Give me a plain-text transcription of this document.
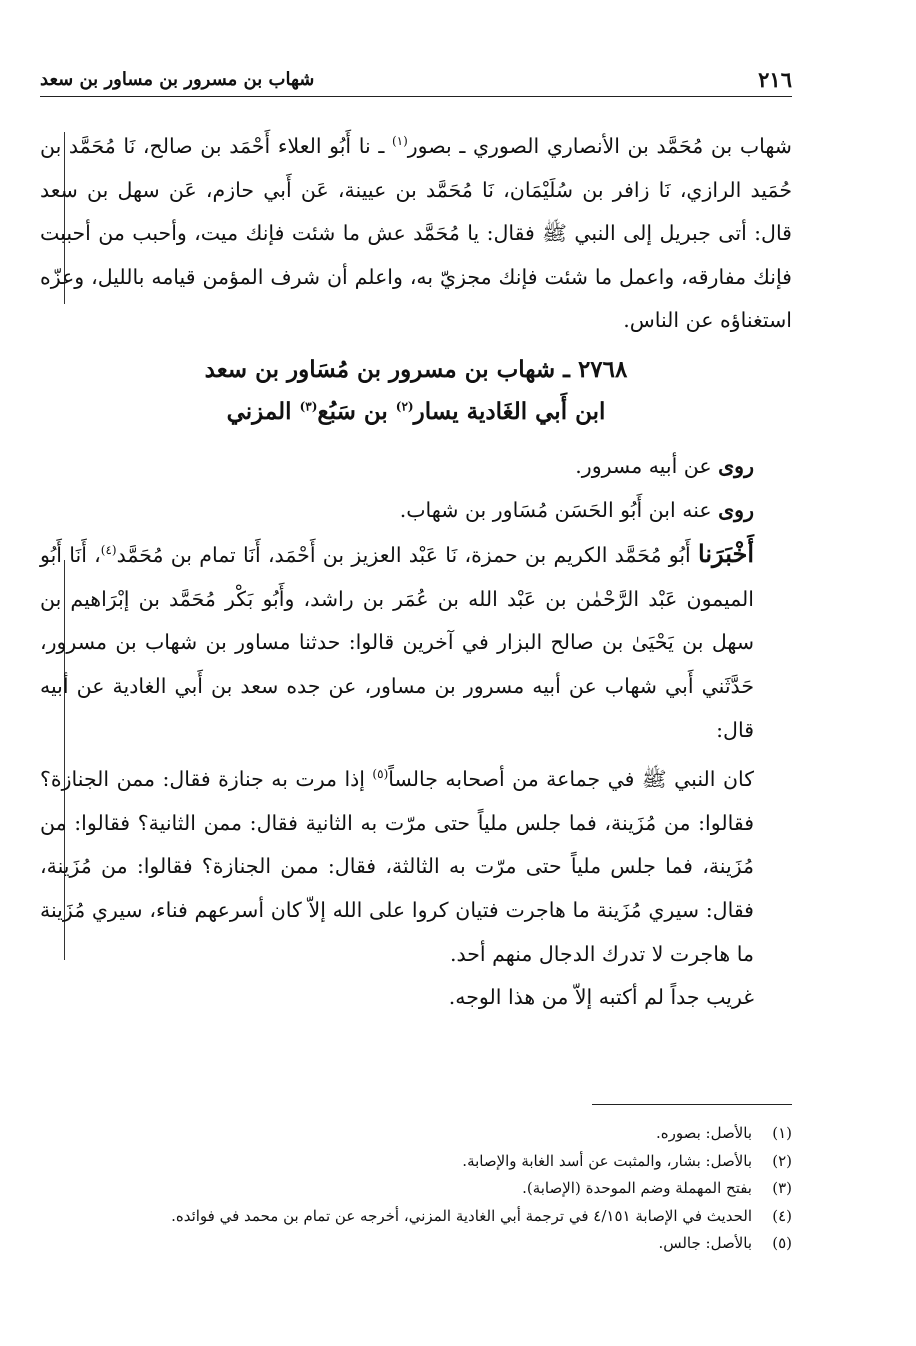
٢١٦
شهاب بن مسرور بن مساور بن سعد

شهاب بن مُحَمَّد بن الأنصاري الصوري ـ بصور$^{(١)}$ ـ نا أَبُو العلاء أَحْمَد بن صالح، نَا مُحَمَّد بن حُمَيد الرازي، نَا زافر بن سُلَيْمَان، نَا مُحَمَّد بن عيينة، عَن أَبي حازم، عَن سهل بن سعد قال: أتى جبريل إلى النبي ﷺ فقال: يا مُحَمَّد عش ما شئت فإنك ميت، وأحبب من أحببت فإنك مفارقه، واعمل ما شئت فإنك مجزيّ به، واعلم أن شرف المؤمن قيامه بالليل، وعزّه استغناؤه عن الناس.

٢٧٦٨ ـ شهاب بن مسرور بن مُسَاور بن سعد

ابن أَبي الغَادية يسار$^{(٢)}$ بن سَبُع$^{(٣)}$ المزني

روى عن أبيه مسرور.

روى عنه ابن أَبُو الحَسَن مُسَاور بن شهاب.

أَخْبَرَنا أَبُو مُحَمَّد الكريم بن حمزة، نَا عَبْد العزيز بن أَحْمَد، أَنَا تمام بن مُحَمَّد$^{(٤)}$، أَنَا أَبُو الميمون عَبْد الرَّحْمٰن بن عَبْد الله بن عُمَر بن راشد، وأَبُو بَكْر مُحَمَّد بن إبْرَاهيم بن سهل بن يَحْيَىٰ بن صالح البزار في آخرين قالوا: حدثنا مساور بن شهاب بن مسرور، حَدَّثَني أَبي شهاب عن أبيه مسرور بن مساور، عن جده سعد بن أَبي الغادية عن أبيه قال:

كان النبي ﷺ في جماعة من أصحابه جالساً$^{(٥)}$ إذا مرت به جنازة فقال: ممن الجنازة؟ فقالوا: من مُزَينة، فما جلس ملياً حتى مرّت به الثانية فقال: ممن الثانية؟ فقالوا: من مُزَينة، فما جلس ملياً حتى مرّت به الثالثة، فقال: ممن الجنازة؟ فقالوا: من مُزَينة، فقال: سيري مُزَينة ما هاجرت فتيان كروا على الله إلاّ كان أسرعهم فناء، سيري مُزَينة ما هاجرت لا تدرك الدجال منهم أحد.

غريب جداً لم أكتبه إلاّ من هذا الوجه.

(١)
بالأصل: بصوره.
(٢)
بالأصل: بشار، والمثبت عن أسد الغابة والإصابة.
(٣)
بفتح المهملة وضم الموحدة (الإصابة).
(٤)
الحديث في الإصابة ٤/١٥١ في ترجمة أبي الغادية المزني، أخرجه عن تمام بن محمد في فوائده.
(٥)
بالأصل: جالس.
